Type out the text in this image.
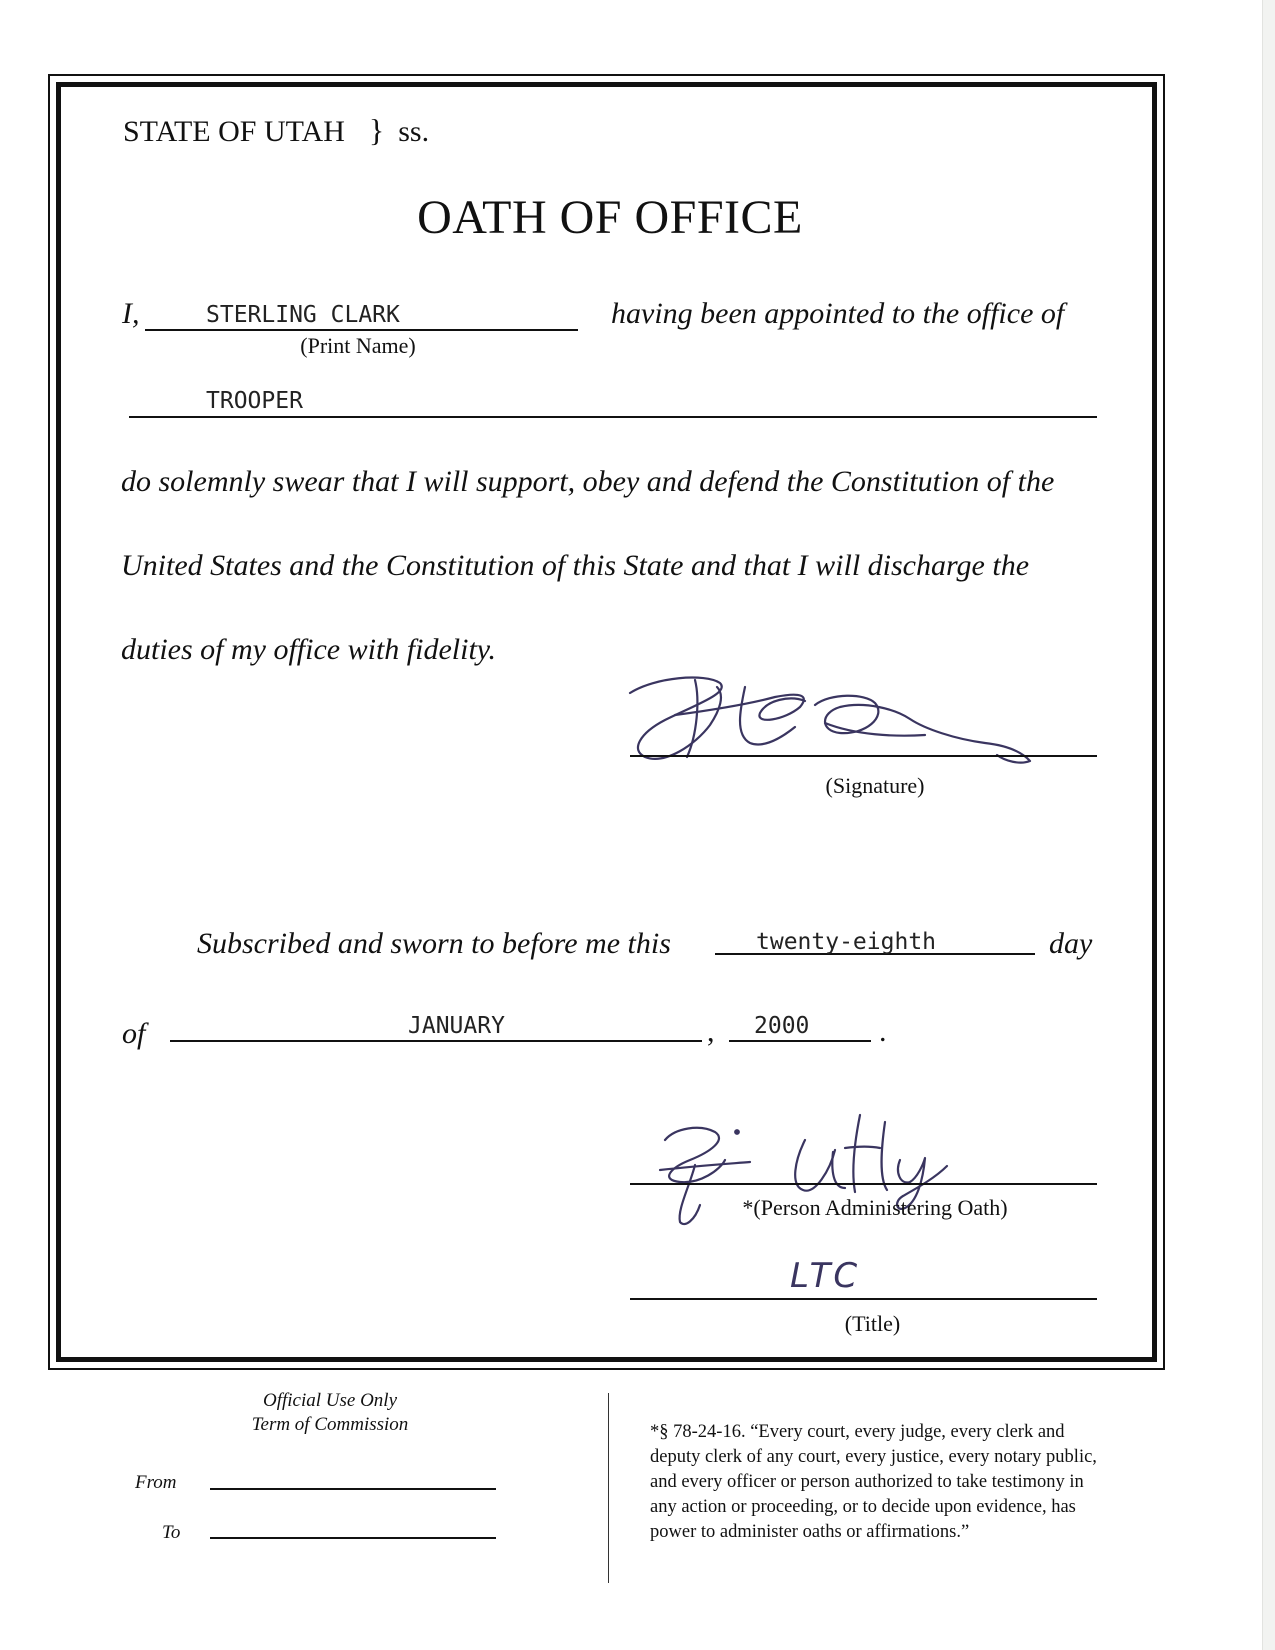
STATE OF UTAH } ss.
OATH OF OFFICE
I,	STERLING CLARK
(Print Name)
having been appointed to the office of
TROOPER
do solemnly swear that I will support, obey and defend the Constitution of the
United States and the Constitution of this State and that I will discharge the
duties of my office with fidelity.
(Signature)
Subscribed and sworn to before me this	twenty-eighth	day
of	JANUARY	, 2000 .
*(Person Administering Oath)
LTC
(Title)
Official Use Only
Term of Commission
From
To
*§ 78-24-16. “Every court, every judge, every clerk and
deputy clerk of any court, every justice, every notary public,
and every officer or person authorized to take testimony in
any action or proceeding, or to decide upon evidence, has
power to administer oaths or affirmations.”
